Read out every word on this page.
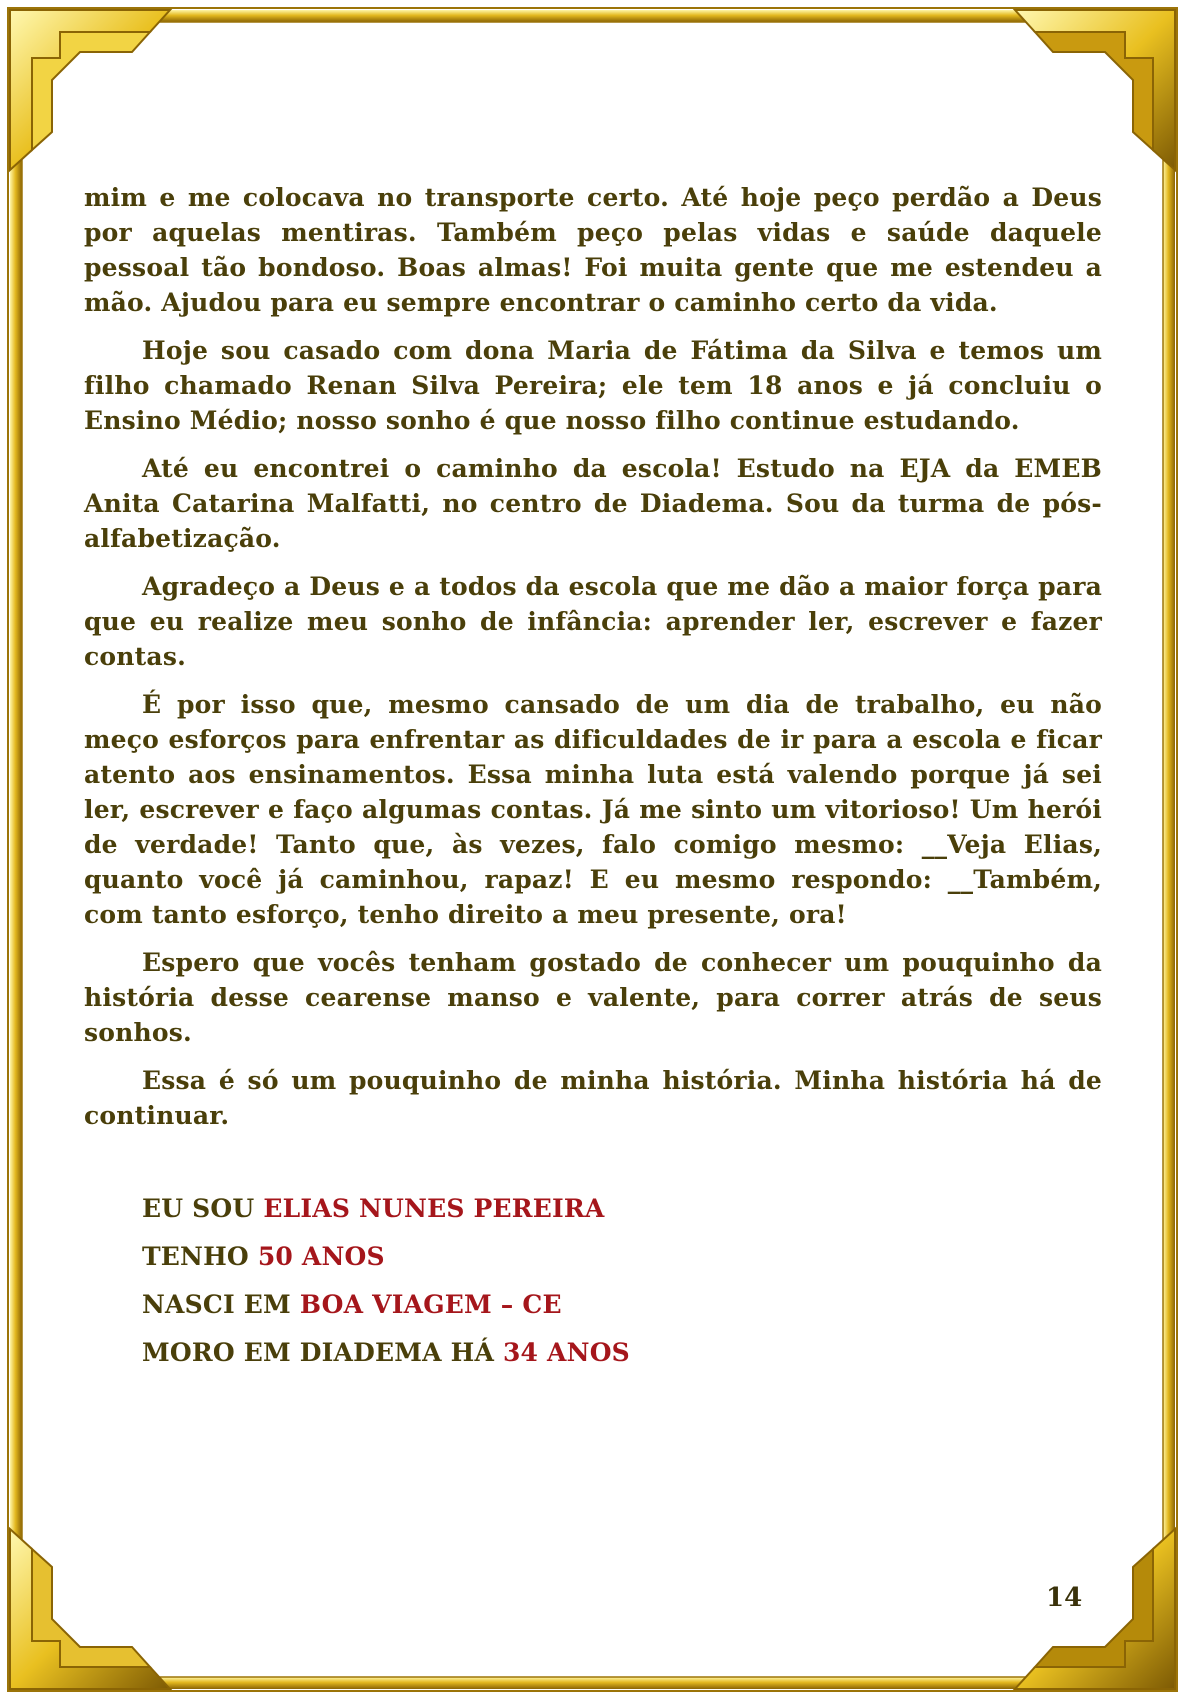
mim e me colocava no transporte certo. Até hoje peço perdão a Deus por aquelas mentiras. Também peço pelas vidas e saúde daquele pessoal tão bondoso. Boas almas! Foi muita gente que me estendeu a mão. Ajudou para eu sempre encontrar o caminho certo da vida.

Hoje sou casado com dona Maria de Fátima da Silva e temos um filho chamado Renan Silva Pereira; ele tem 18 anos e já concluiu o Ensino Médio; nosso sonho é que nosso filho continue estudando.

Até eu encontrei o caminho da escola! Estudo na EJA da EMEB Anita Catarina Malfatti, no centro de Diadema. Sou da turma de pós-alfabetização.

Agradeço a Deus e a todos da escola que me dão a maior força para que eu realize meu sonho de infância: aprender ler, escrever e fazer contas.

É por isso que, mesmo cansado de um dia de trabalho, eu não meço esforços para enfrentar as dificuldades de ir para a escola e ficar atento aos ensinamentos. Essa minha luta está valendo porque já sei ler, escrever e faço algumas contas. Já me sinto um vitorioso! Um herói de verdade! Tanto que, às vezes, falo comigo mesmo: __Veja Elias, quanto você já caminhou, rapaz! E eu mesmo respondo: __Também, com tanto esforço, tenho direito a meu presente, ora!

Espero que vocês tenham gostado de conhecer um pouquinho da história desse cearense manso e valente, para correr atrás de seus sonhos.

Essa é só um pouquinho de minha história. Minha história há de continuar.

EU SOU ELIAS NUNES PEREIRA
TENHO 50 ANOS
NASCI EM BOA VIAGEM – CE
MORO EM DIADEMA HÁ 34 ANOS
14
